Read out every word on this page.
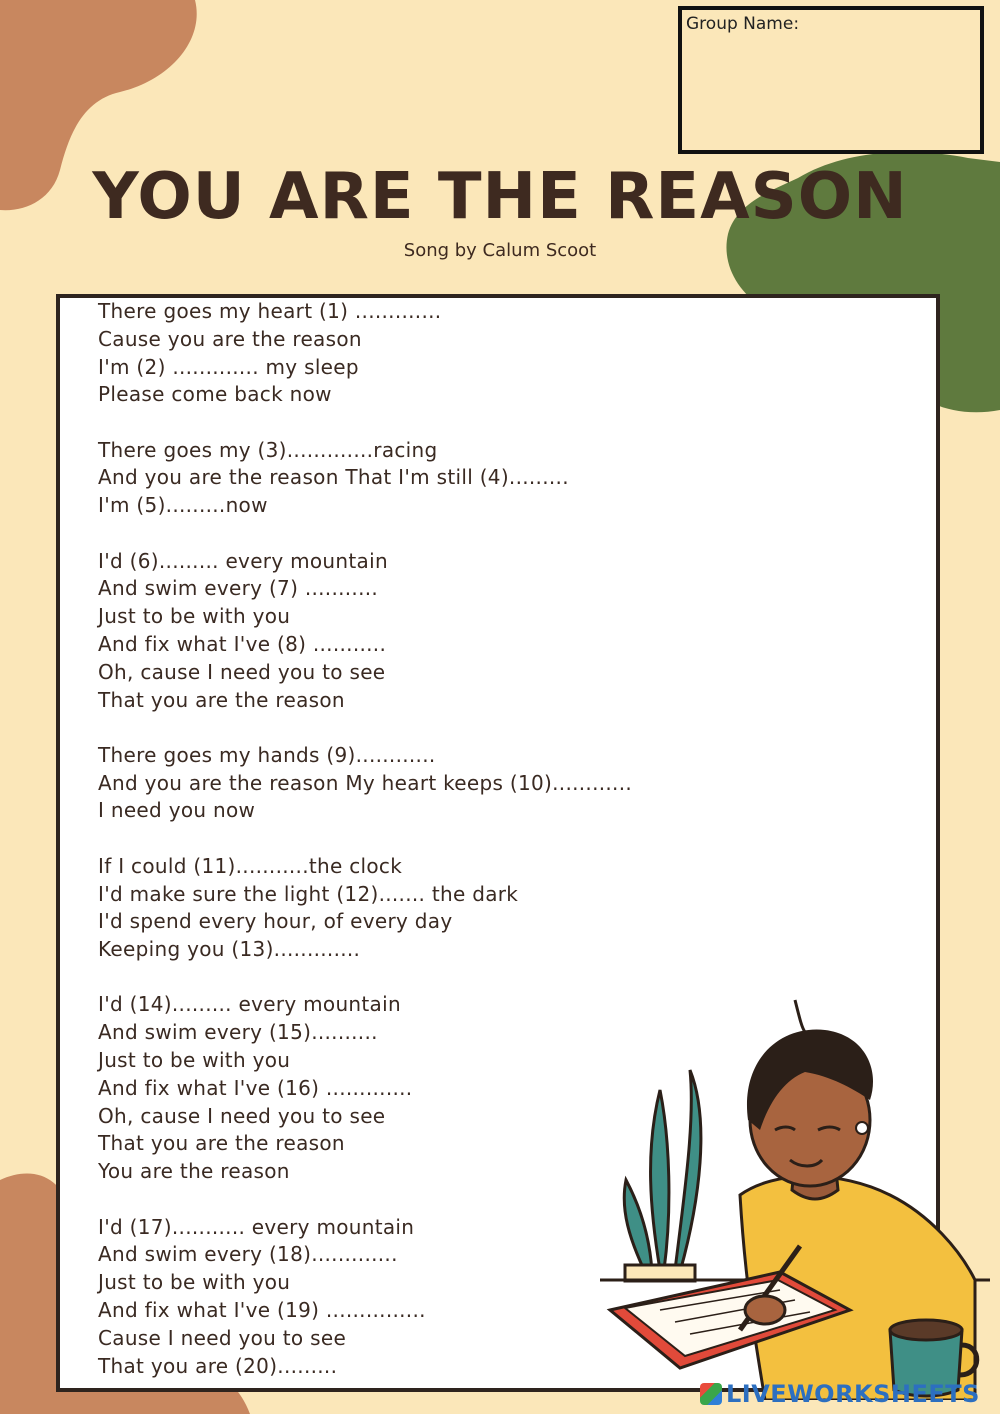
Group Name:
YOU ARE THE REASON
Song by Calum Scoot
There goes my heart (1) .............
Cause you are the reason
I'm (2) ............. my sleep
Please come back now
There goes my (3).............racing
And you are the reason That I'm still (4).........
I'm (5).........now
I'd (6)......... every mountain
And swim every (7) ...........
Just to be with you
And fix what I've (8) ...........
Oh, cause I need you to see
That you are the reason
There goes my hands (9)............
And you are the reason My heart keeps (10)............
I need you now
If I could (11)...........the clock
I'd make sure the light (12)....... the dark
I'd spend every hour, of every day
Keeping you (13).............
I'd (14)......... every mountain
And swim every (15)..........
Just to be with you
And fix what I've (16) .............
Oh, cause I need you to see
That you are the reason
You are the reason
I'd (17)........... every mountain
And swim every (18).............
Just to be with you
And fix what I've (19) ...............
Cause I need you to see
That you are (20).........
LIVEWORKSHEETS
